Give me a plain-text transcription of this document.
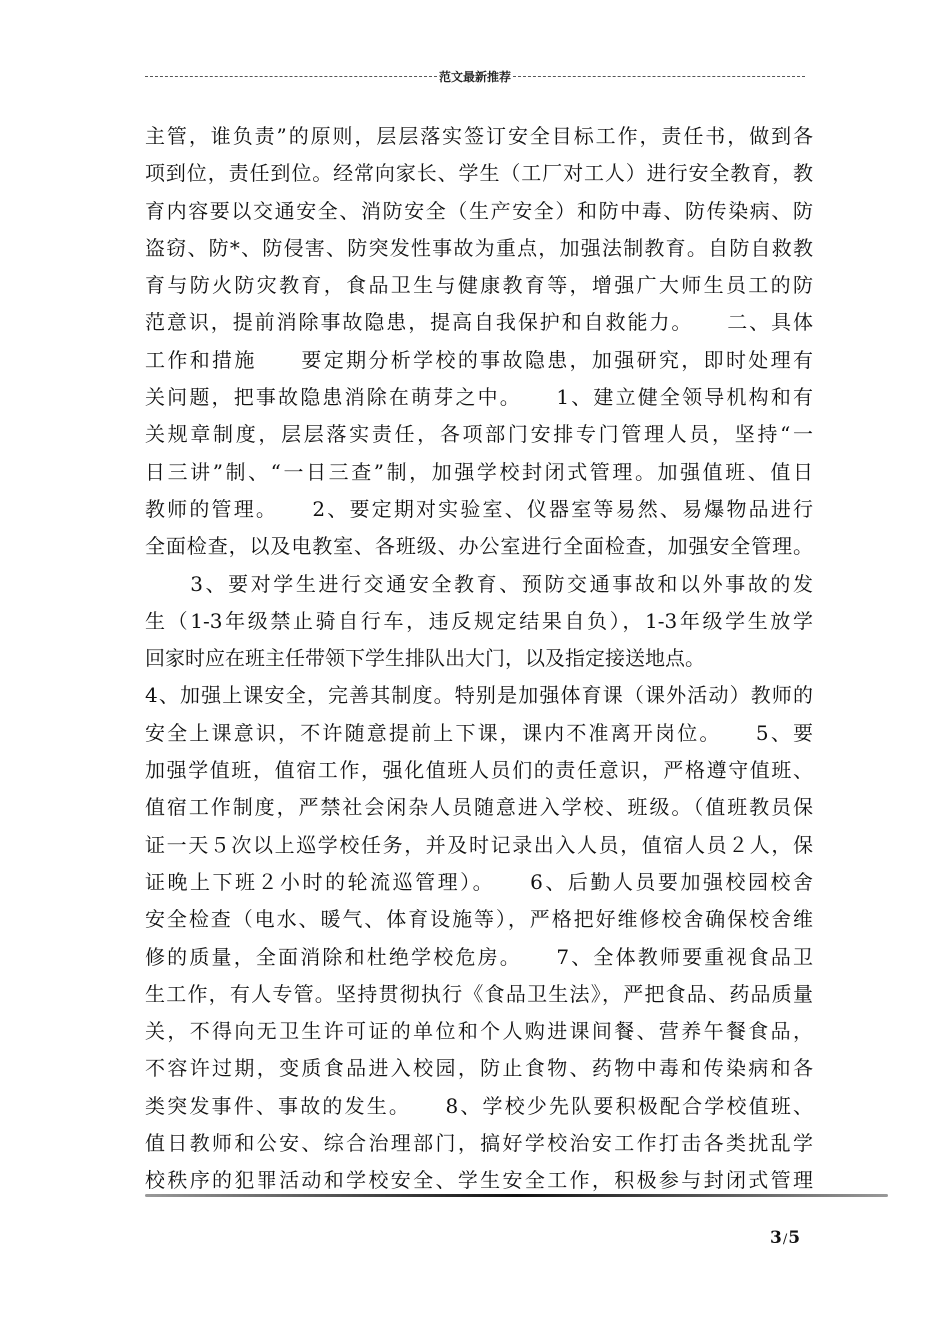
范文最新推荐
主管，谁负责”的原则，层层落实签订安全目标工作，责任书，做到各
项到位，责任到位。经常向家长、学生（工厂对工人）进行安全教育，教
育内容要以交通安全、消防安全（生产安全）和防中毒、防传染病、防
盗窃、防*、防侵害、防突发性事故为重点，加强法制教育。自防自救教
育与防火防灾教育，食品卫生与健康教育等，增强广大师生员工的防
范意识，提前消除事故隐患，提高自我保护和自救能力。　　二、具体
工作和措施　　要定期分析学校的事故隐患，加强研究，即时处理有
关问题，把事故隐患消除在萌芽之中。　　1、建立健全领导机构和有
关规章制度，层层落实责任，各项部门安排专门管理人员，坚持“一
日三讲”制、“一日三查”制，加强学校封闭式管理。加强值班、值日
教师的管理。　　2、要定期对实验室、仪器室等易然、易爆物品进行
全面检查，以及电教室、各班级、办公室进行全面检查，加强安全管理。
　　3、要对学生进行交通安全教育、预防交通事故和以外事故的发
生（1-3年级禁止骑自行车，违反规定结果自负），1-3年级学生放学
回家时应在班主任带领下学生排队出大门，以及指定接送地点。
4、加强上课安全，完善其制度。特别是加强体育课（课外活动）教师的
安全上课意识，不许随意提前上下课，课内不准离开岗位。　　5、要
加强学值班，值宿工作，强化值班人员们的责任意识，严格遵守值班、
值宿工作制度，严禁社会闲杂人员随意进入学校、班级。（值班教员保
证一天５次以上巡学校任务，并及时记录出入人员，值宿人员２人，保
证晚上下班２小时的轮流巡管理）。　　6、后勤人员要加强校园校舍
安全检查（电水、暖气、体育设施等），严格把好维修校舍确保校舍维
修的质量，全面消除和杜绝学校危房。　　7、全体教师要重视食品卫
生工作，有人专管。坚持贯彻执行《食品卫生法》，严把食品、药品质量
关，不得向无卫生许可证的单位和个人购进课间餐、营养午餐食品，
不容许过期，变质食品进入校园，防止食物、药物中毒和传染病和各
类突发事件、事故的发生。　　8、学校少先队要积极配合学校值班、
值日教师和公安、综合治理部门，搞好学校治安工作打击各类扰乱学
校秩序的犯罪活动和学校安全、学生安全工作，积极参与封闭式管理
3/5
